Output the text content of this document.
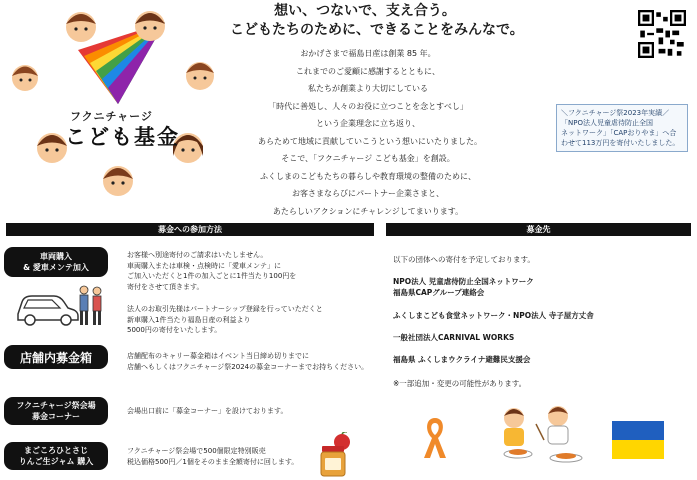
フクニチャージ
こども基金
想い、つないで、支え合う。
こどもたちのために、できることをみんなで。
おかげさまで福島日産は創業 85 年。
これまでのご愛顧に感謝するとともに、
私たちが創業より大切にしている
「時代に善処し、人々のお役に立つことを念とすべし」
という企業理念に立ち返り、
あらためて地域に貢献していこうという想いにいたりました。
そこで、「フクニチャージ こども基金」を創設。
ふくしまのこどもたちの暮らしや教育環境の整備のために、
お客さまならびにパートナー企業さまと、
あたらしいアクションにチャレンジしてまいります。
＼フクニチャージ祭2023年実績／
「NPO法人児童虐待防止全国
ネットワーク」「CAPおりやま」へ合
わせて113万円を寄付いたしました。
募金への参加方法	募金先
車両購入
& 愛車メンテ加入
お客様へ別途寄付のご請求はいたしません。
車両購入または車検・点検時に「愛車メンテ」に
ご加入いただくと1件の加入ごとに1件当たり100円を
寄付をさせて頂きます。
法人のお取引先様はパートナーシップ登録を行っていただくと
新車購入1件当たり福島日産の利益より
5000円の寄付をいたします。
店舗内募金箱	店舗配布のキャリー募金箱はイベント当日締め切りまでに
店舗へもしくはフクニチャージ祭2024の募金コーナーまでお持ちください。
フクニチャージ祭会場
募金コーナー
会場出口前に「募金コーナー」を設けております。
まごころひとさじ
りんご生ジャム 購入
フクニチャージ祭会場で500個限定特別販売
税込価格500円／1個をそのまま全額寄付に回します。
以下の団体への寄付を予定しております。
NPO法人 児童虐待防止全国ネットワーク
福島県CAPグループ連絡会
ふくしまこども食堂ネットワーク・NPO法人 寺子屋方丈舎
一般社団法人CARNIVAL WORKS
福島県 ふくしまウクライナ避難民支援会
※一部追加・変更の可能性があります。
